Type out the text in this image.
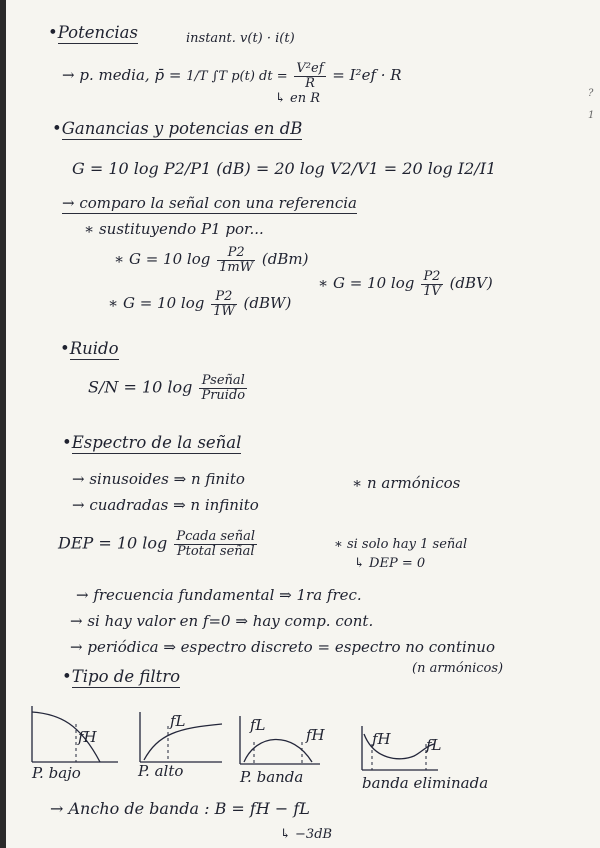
?
1
•Potencias	instant. v(t) · i(t)
→ p. media, p̄ = 1/T ∫T p(t) dt = $\frac{\text{V²ef}}{R} = I^2ef \cdot R$
↳ en R
•Ganancias y potencias en dB
G = 10 log P2/P1 (dB) = 20 log V2/V1 = 20 log I2/I1
→ comparo la señal con una referencia
∗ sustituyendo P1 por...
∗ G = 10 $\log \frac{P2}{1mW} (dBm)$
∗ G = 10 $\log \frac{P2}{1V} (dBV)$
∗ G = 10 $\log \frac{P2}{1W} (dBW)$
•Ruido
S/N = 10 $\log \frac{\text{Pseñal}}{\text{Pruido}}$
•Espectro de la señal
→ sinusoides ⇒ n finito	∗ n armónicos
→ cuadradas ⇒ n infinito
DEP = 10 $\log \frac{\text{Pcada señal}}{\text{Ptotal señal}}$	∗ si solo hay 1 señal
↳ DEP = 0
→ frecuencia fundamental ⇒ 1ra frec.
→ si hay valor en f=0 ⇒ hay comp. cont.
→ periódica ⇒ espectro discreto = espectro no continuo
(n armónicos)
•Tipo de filtro
fH
P. bajo
fL
P. alto
fL
fH
P. banda
fH fL
banda eliminada
→ Ancho de banda : B = fH − fL
↳ −3dB
